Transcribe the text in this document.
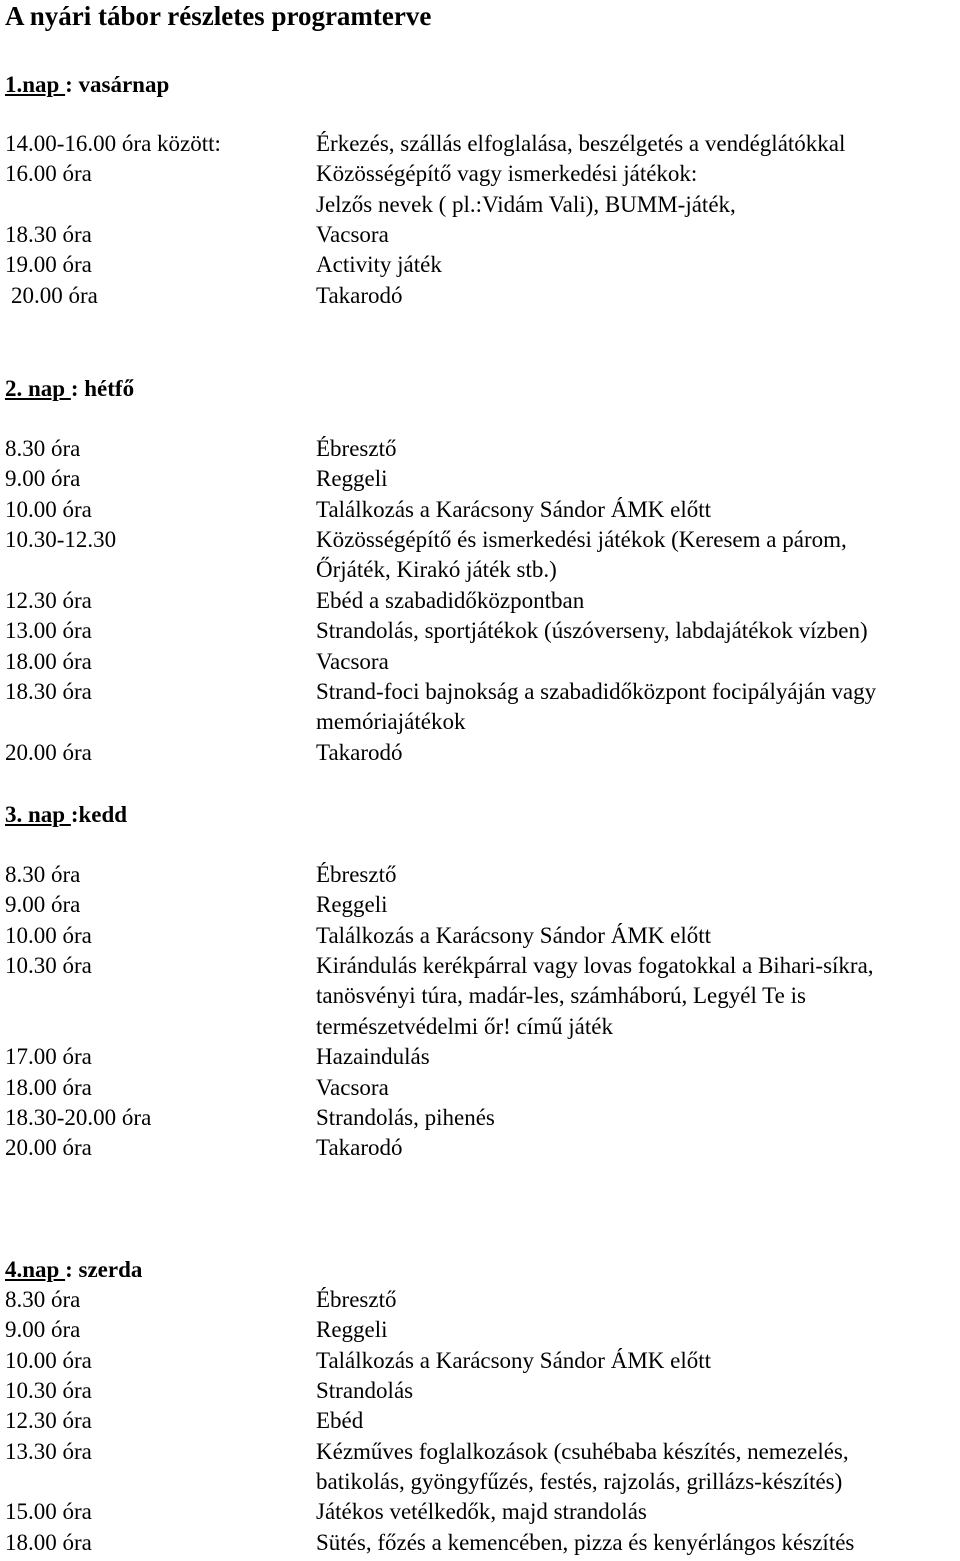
A nyári tábor részletes programterve
1.nap : vasárnap
14.00-16.00 óra között:	Érkezés, szállás elfoglalása, beszélgetés a vendéglátókkal
16.00 óra	Közösségépítő vagy ismerkedési játékok:
Jelzős nevek ( pl.:Vidám Vali), BUMM-játék,
18.30 óra	Vacsora
19.00 óra	Activity játék
20.00 óra	Takarodó
2. nap : hétfő
8.30 óra	Ébresztő
9.00 óra	Reggeli
10.00 óra	Találkozás a Karácsony Sándor ÁMK előtt
10.30-12.30	Közösségépítő és ismerkedési játékok (Keresem a párom,
Őrjáték, Kirakó játék stb.)
12.30 óra	Ebéd a szabadidőközpontban
13.00 óra	Strandolás, sportjátékok (úszóverseny, labdajátékok vízben)
18.00 óra	Vacsora
18.30 óra	Strand-foci bajnokság a szabadidőközpont focipályáján vagy
memóriajátékok
20.00 óra	Takarodó
3. nap :kedd
8.30 óra	Ébresztő
9.00 óra	Reggeli
10.00 óra	Találkozás a Karácsony Sándor ÁMK előtt
10.30 óra	Kirándulás kerékpárral vagy lovas fogatokkal a Bihari-síkra,
tanösvényi túra, madár-les, számháború, Legyél Te is
természetvédelmi őr! című játék
17.00 óra	Hazaindulás
18.00 óra	Vacsora
18.30-20.00 óra	Strandolás, pihenés
20.00 óra	Takarodó
4.nap : szerda
8.30 óra	Ébresztő
9.00 óra	Reggeli
10.00 óra	Találkozás a Karácsony Sándor ÁMK előtt
10.30 óra	Strandolás
12.30 óra	Ebéd
13.30 óra	Kézműves foglalkozások (csuhébaba készítés, nemezelés,
batikolás, gyöngyfűzés, festés, rajzolás, grillázs-készítés)
15.00 óra	Játékos vetélkedők, majd strandolás
18.00 óra	Sütés, főzés a kemencében, pizza és kenyérlángos készítés
